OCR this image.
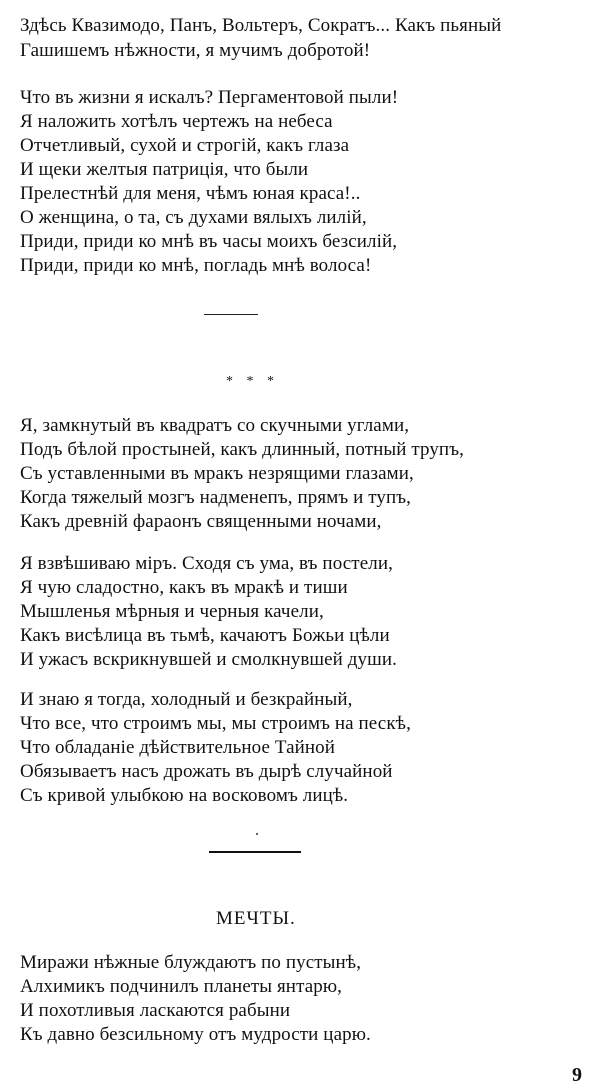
Здѣсь Квазимодо, Панъ, Вольтеръ, Сократъ... Какъ пьяный
Гашишемъ нѣжности, я мучимъ добротой!
Что въ жизни я искалъ? Пергаментовой пыли!
Я наложить хотѣлъ чертежъ на небеса
Отчетливый, сухой и строгій, какъ глаза
И щеки желтыя патриція, что были
Прелестнѣй для меня, чѣмъ юная краса!..
О женщина, о та, съ духами вялыхъ лилій,
Приди, приди ко мнѣ въ часы моихъ безсилій,
Приди, приди ко мнѣ, погладь мнѣ волоса!
* * *
Я, замкнутый въ квадратъ со скучными углами,
Подъ бѣлой простыней, какъ длинный, потный трупъ,
Съ уставленными въ мракъ незрящими глазами,
Когда тяжелый мозгъ надменепъ, прямъ и тупъ,
Какъ древній фараонъ священными ночами,
Я взвѣшиваю міръ. Сходя съ ума, въ постели,
Я чую сладостно, какъ въ мракѣ и тиши
Мышленья мѣрныя и черныя качели,
Какъ висѣлица въ тьмѣ, качаютъ Божьи цѣли
И ужасъ вскрикнувшей и смолкнувшей души.
И знаю я тогда, холодный и безкрайный,
Что все, что строимъ мы, мы строимъ на пескѣ,
Что обладаніе дѣйствительное Тайной
Обязываетъ насъ дрожать въ дырѣ случайной
Съ кривой улыбкою на восковомъ лицѣ.
МЕЧТЫ.
Миражи нѣжные блуждаютъ по пустынѣ,
Алхимикъ подчинилъ планеты янтарю,
И похотливыя ласкаются рабыни
Къ давно безсильному отъ мудрости царю.
9
